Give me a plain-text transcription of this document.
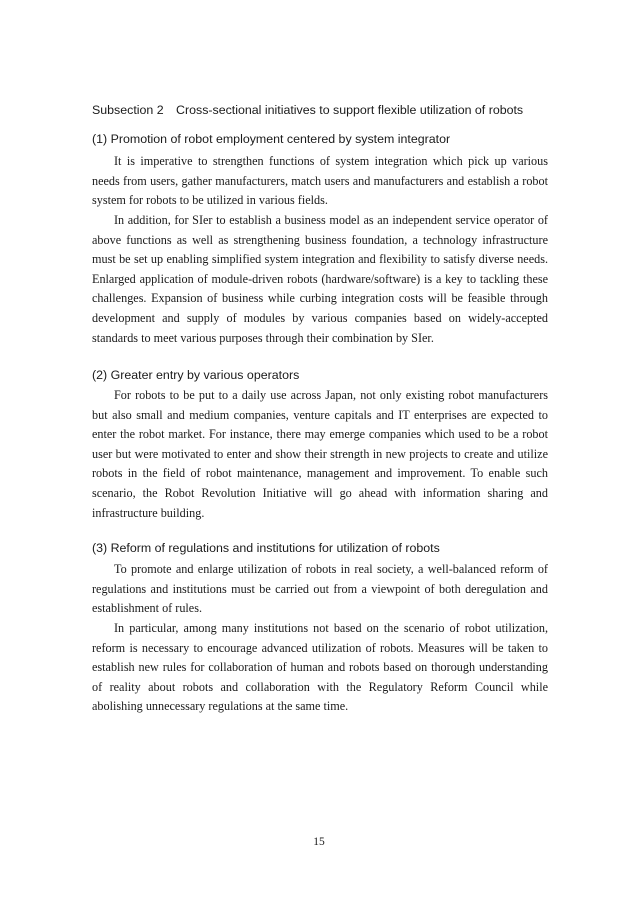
Subsection 2 Cross-sectional initiatives to support flexible utilization of robots
(1) Promotion of robot employment centered by system integrator

It is imperative to strengthen functions of system integration which pick up various needs from users, gather manufacturers, match users and manufacturers and establish a robot system for robots to be utilized in various fields.

In addition, for SIer to establish a business model as an independent service operator of above functions as well as strengthening business foundation, a technology infrastructure must be set up enabling simplified system integration and flexibility to satisfy diverse needs. Enlarged application of module-driven robots (hardware/software) is a key to tackling these challenges. Expansion of business while curbing integration costs will be feasible through development and supply of modules by various companies based on widely-accepted standards to meet various purposes through their combination by SIer.

(2) Greater entry by various operators

For robots to be put to a daily use across Japan, not only existing robot manufacturers but also small and medium companies, venture capitals and IT enterprises are expected to enter the robot market. For instance, there may emerge companies which used to be a robot user but were motivated to enter and show their strength in new projects to create and utilize robots in the field of robot maintenance, management and improvement. To enable such scenario, the Robot Revolution Initiative will go ahead with information sharing and infrastructure building.

(3) Reform of regulations and institutions for utilization of robots

To promote and enlarge utilization of robots in real society, a well-balanced reform of regulations and institutions must be carried out from a viewpoint of both deregulation and establishment of rules.

In particular, among many institutions not based on the scenario of robot utilization, reform is necessary to encourage advanced utilization of robots. Measures will be taken to establish new rules for collaboration of human and robots based on thorough understanding of reality about robots and collaboration with the Regulatory Reform Council while abolishing unnecessary regulations at the same time.

15
